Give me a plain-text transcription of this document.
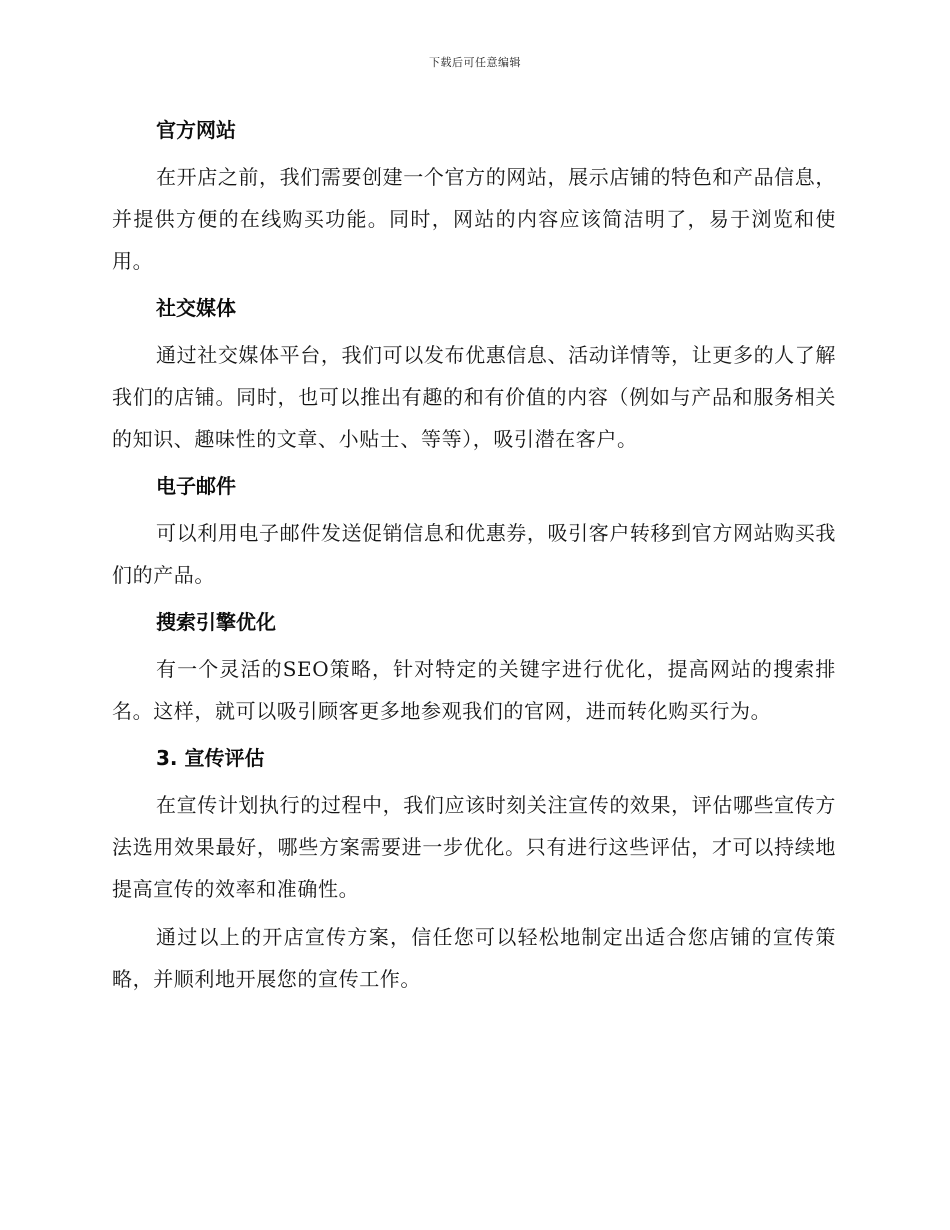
下载后可任意编辑
官方网站

在开店之前，我们需要创建一个官方的网站，展示店铺的特色和产品信息，并提供方便的在线购买功能。同时，网站的内容应该简洁明了，易于浏览和使用。

社交媒体

通过社交媒体平台，我们可以发布优惠信息、活动详情等，让更多的人了解我们的店铺。同时，也可以推出有趣的和有价值的内容（例如与产品和服务相关的知识、趣味性的文章、小贴士、等等），吸引潜在客户。

电子邮件

可以利用电子邮件发送促销信息和优惠券，吸引客户转移到官方网站购买我们的产品。

搜索引擎优化

有一个灵活的SEO策略，针对特定的关键字进行优化，提高网站的搜索排名。这样，就可以吸引顾客更多地参观我们的官网，进而转化购买行为。

3. 宣传评估

在宣传计划执行的过程中，我们应该时刻关注宣传的效果，评估哪些宣传方法选用效果最好，哪些方案需要进一步优化。只有进行这些评估，才可以持续地提高宣传的效率和准确性。

通过以上的开店宣传方案，信任您可以轻松地制定出适合您店铺的宣传策略，并顺利地开展您的宣传工作。
